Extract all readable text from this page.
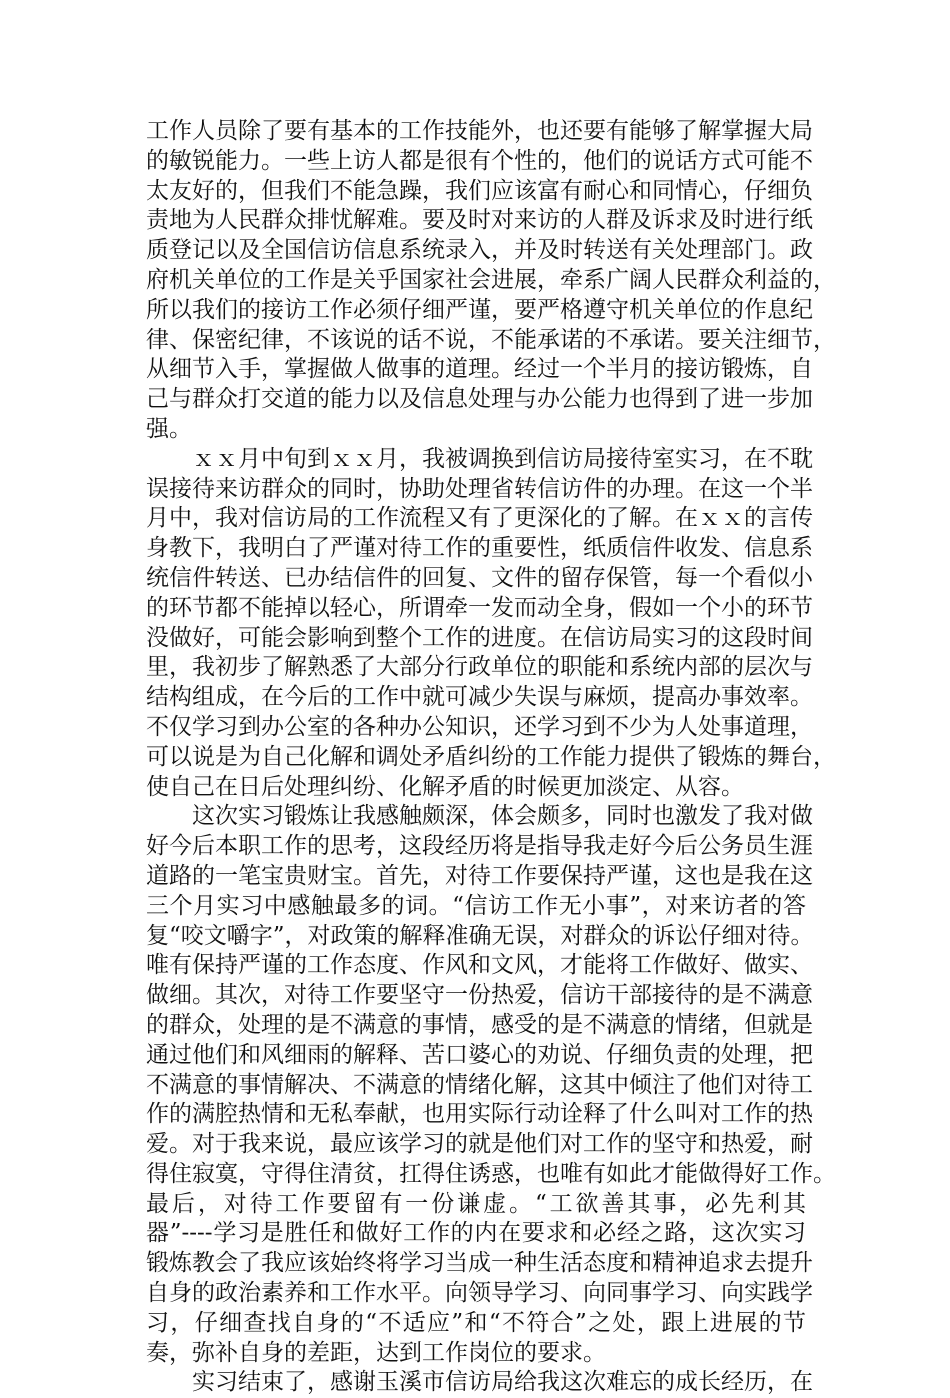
工作人员除了要有基本的工作技能外，也还要有能够了解掌握大局
的敏锐能力。一些上访人都是很有个性的，他们的说话方式可能不
太友好的，但我们不能急躁，我们应该富有耐心和同情心，仔细负
责地为人民群众排忧解难。要及时对来访的人群及诉求及时进行纸
质登记以及全国信访信息系统录入，并及时转送有关处理部门。政
府机关单位的工作是关乎国家社会进展，牵系广阔人民群众利益的，
所以我们的接访工作必须仔细严谨，要严格遵守机关单位的作息纪
律、保密纪律，不该说的话不说，不能承诺的不承诺。要关注细节，
从细节入手，掌握做人做事的道理。经过一个半月的接访锻炼，自
己与群众打交道的能力以及信息处理与办公能力也得到了进一步加
强。
ｘｘ月中旬到ｘｘ月，我被调换到信访局接待室实习，在不耽
误接待来访群众的同时，协助处理省转信访件的办理。在这一个半
月中，我对信访局的工作流程又有了更深化的了解。在ｘｘ的言传
身教下，我明白了严谨对待工作的重要性，纸质信件收发、信息系
统信件转送、已办结信件的回复、文件的留存保管，每一个看似小
的环节都不能掉以轻心，所谓牵一发而动全身，假如一个小的环节
没做好，可能会影响到整个工作的进度。在信访局实习的这段时间
里，我初步了解熟悉了大部分行政单位的职能和系统内部的层次与
结构组成，在今后的工作中就可减少失误与麻烦，提高办事效率。
不仅学习到办公室的各种办公知识，还学习到不少为人处事道理，
可以说是为自己化解和调处矛盾纠纷的工作能力提供了锻炼的舞台，
使自己在日后处理纠纷、化解矛盾的时候更加淡定、从容。
这次实习锻炼让我感触颇深，体会颇多，同时也激发了我对做
好今后本职工作的思考，这段经历将是指导我走好今后公务员生涯
道路的一笔宝贵财宝。首先，对待工作要保持严谨，这也是我在这
三个月实习中感触最多的词。“信访工作无小事”，对来访者的答
复“咬文嚼字”，对政策的解释准确无误，对群众的诉讼仔细对待。
唯有保持严谨的工作态度、作风和文风，才能将工作做好、做实、
做细。其次，对待工作要坚守一份热爱，信访干部接待的是不满意
的群众，处理的是不满意的事情，感受的是不满意的情绪，但就是
通过他们和风细雨的解释、苦口婆心的劝说、仔细负责的处理，把
不满意的事情解决、不满意的情绪化解，这其中倾注了他们对待工
作的满腔热情和无私奉献，也用实际行动诠释了什么叫对工作的热
爱。对于我来说，最应该学习的就是他们对工作的坚守和热爱，耐
得住寂寞，守得住清贫，扛得住诱惑，也唯有如此才能做得好工作。
最后，对待工作要留有一份谦虚。“工欲善其事，必先利其
器”----学习是胜任和做好工作的内在要求和必经之路，这次实习
锻炼教会了我应该始终将学习当成一种生活态度和精神追求去提升
自身的政治素养和工作水平。向领导学习、向同事学习、向实践学
习，仔细查找自身的“不适应”和“不符合”之处，跟上进展的节
奏，弥补自身的差距，达到工作岗位的要求。
实习结束了，感谢玉溪市信访局给我这次难忘的成长经历，在
